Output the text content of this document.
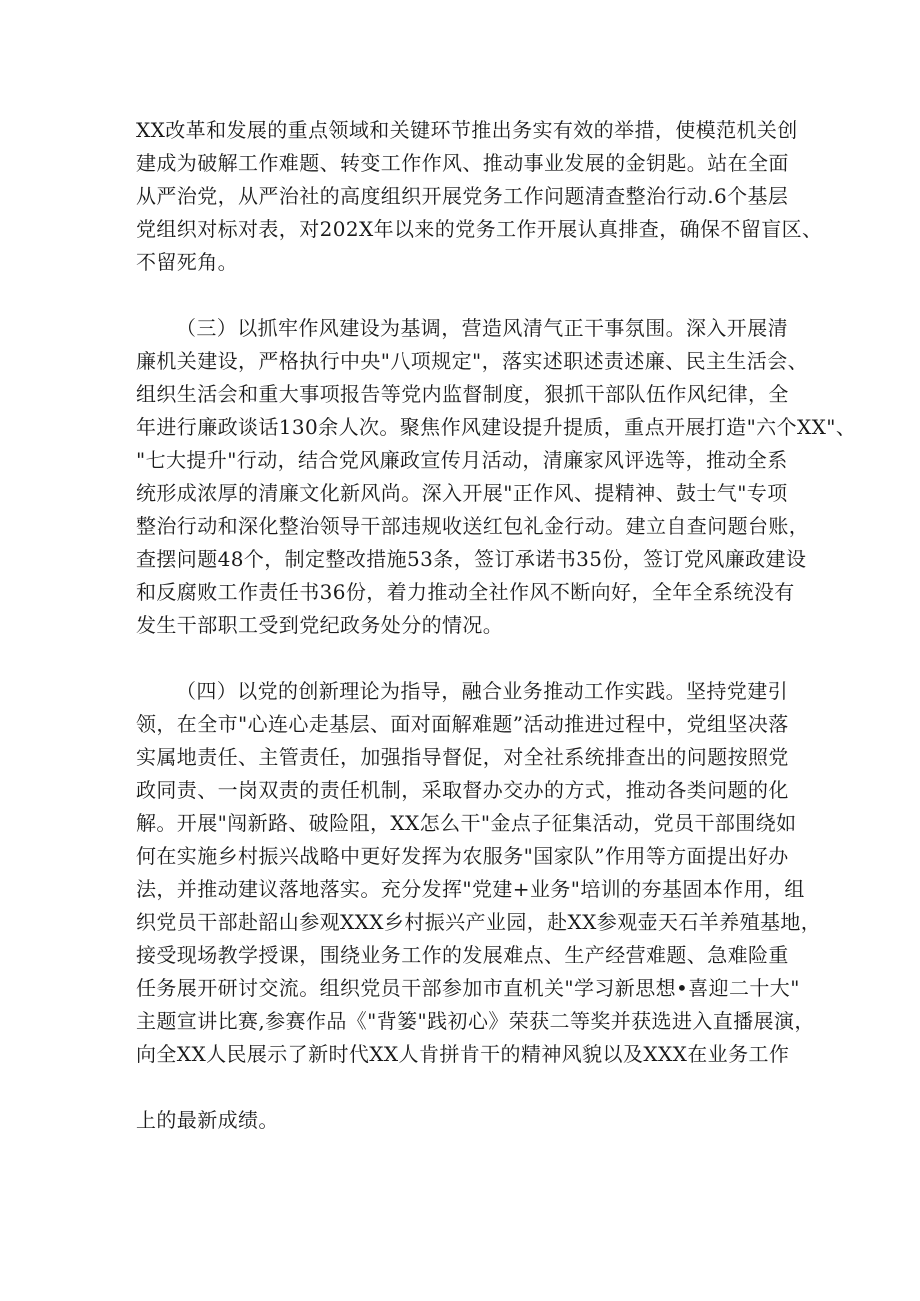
XX改革和发展的重点领域和关键环节推出务实有效的举措，使模范机关创

建成为破解工作难题、转变工作作风、推动事业发展的金钥匙。站在全面

从严治党，从严治社的高度组织开展党务工作问题清查整治行动.6个基层

党组织对标对表，对202X年以来的党务工作开展认真排查，确保不留盲区、

不留死角。

（三）以抓牢作风建设为基调，营造风清气正干事氛围。深入开展清

廉机关建设，严格执行中央"八项规定"，落实述职述责述廉、民主生活会、

组织生活会和重大事项报告等党内监督制度，狠抓干部队伍作风纪律，全

年进行廉政谈话130余人次。聚焦作风建设提升提质，重点开展打造"六个XX"、

"七大提升"行动，结合党风廉政宣传月活动，清廉家风评选等，推动全系

统形成浓厚的清廉文化新风尚。深入开展"正作风、提精神、鼓士气"专项

整治行动和深化整治领导干部违规收送红包礼金行动。建立自查问题台账，

查摆问题48个，制定整改措施53条，签订承诺书35份，签订党风廉政建设

和反腐败工作责任书36份，着力推动全社作风不断向好，全年全系统没有

发生干部职工受到党纪政务处分的情况。

（四）以党的创新理论为指导，融合业务推动工作实践。坚持党建引

领，在全市"心连心走基层、面对面解难题”活动推进过程中，党组坚决落

实属地责任、主管责任，加强指导督促，对全社系统排查出的问题按照党

政同责、一岗双责的责任机制，采取督办交办的方式，推动各类问题的化

解。开展"闯新路、破险阻，XX怎么干"金点子征集活动，党员干部围绕如

何在实施乡村振兴战略中更好发挥为农服务"国家队”作用等方面提出好办

法，并推动建议落地落实。充分发挥"党建+业务"培训的夯基固本作用，组

织党员干部赴韶山参观XXX乡村振兴产业园，赴XX参观壶天石羊养殖基地，

接受现场教学授课，围绕业务工作的发展难点、生产经营难题、急难险重

任务展开研讨交流。组织党员干部参加市直机关"学习新思想•喜迎二十大"

主题宣讲比赛,参赛作品《"背篓"践初心》荣获二等奖并获选进入直播展演，

向全XX人民展示了新时代XX人肯拼肯干的精神风貌以及XXX在业务工作

上的最新成绩。
